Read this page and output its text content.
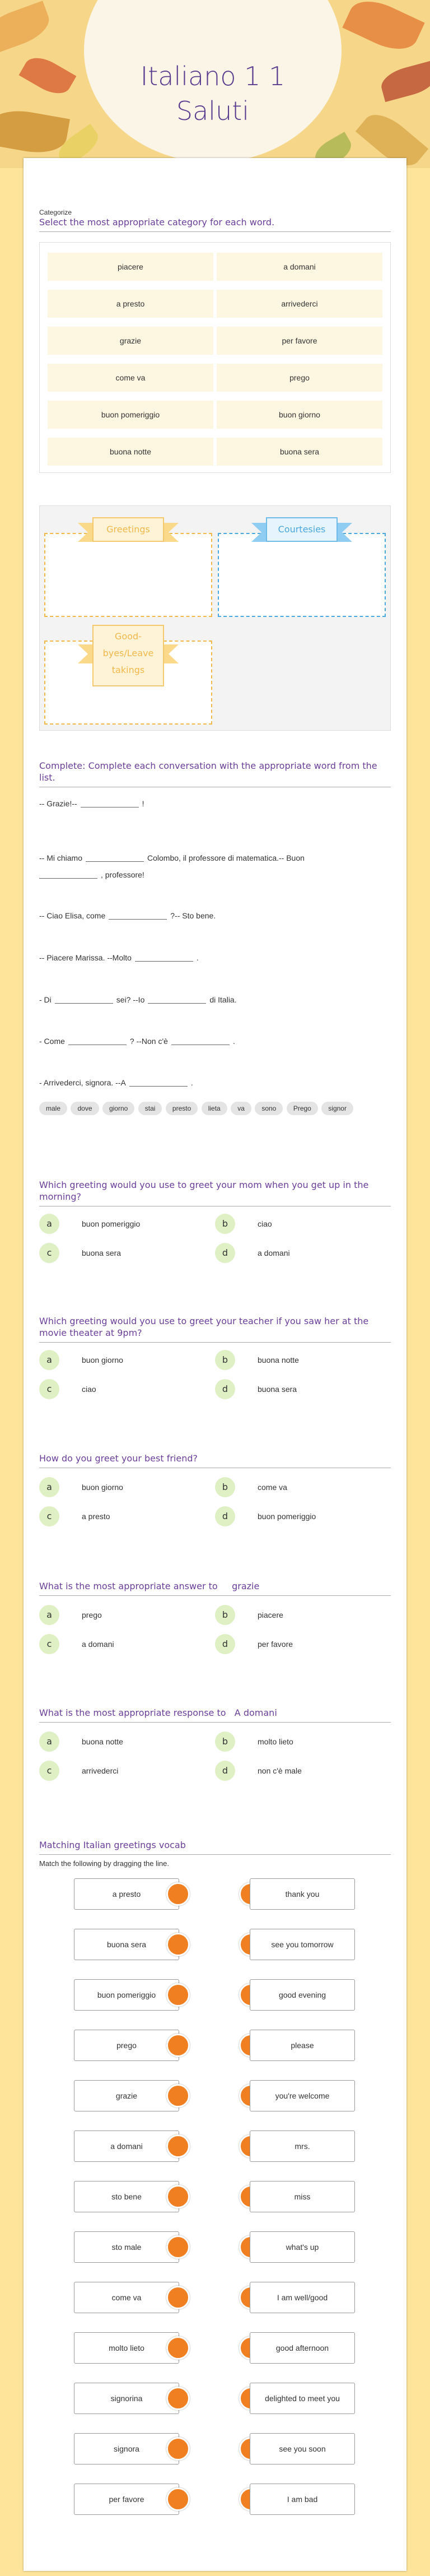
Italiano 1 1
Saluti
Categorize
Select the most appropriate category for each word.
piacere	a domani
a presto	arrivederci
grazie	per favore
come va	prego
buon pomeriggio	buon giorno
buona notte	buona sera
Greetings	Courtesies
Good-byes/Leave takings
Complete: Complete each conversation with the appropriate word from the list.
-- Grazie!--	!
-- Mi chiamo	Colombo, il professore di matematica.-- Buon
, professore!
-- Ciao Elisa, come	?-- Sto bene.
-- Piacere Marissa. --Molto	.
- Di	sei? --Io	di Italia.
- Come	? --Non c'è	.
- Arrivederci, signora. --A	.
male	dove	giorno	stai	presto	lieta	va	sono	Prego	signor
Which greeting would you use to greet your mom when you get up in the morning?
a	buon pomeriggio	b	ciao
c	buona sera	d	a domani
Which greeting would you use to greet your teacher if you saw her at the movie theater at 9pm?
a	buon giorno	b	buona notte
c	ciao	d	buona sera
How do you greet your best friend?
a	buon giorno	b	come va
c	a presto	d	buon pomeriggio
What is the most appropriate answer to     grazie
a	prego	b	piacere
c	a domani	d	per favore
What is the most appropriate response to   A domani
a	buona notte	b	molto lieto
c	arrivederci	d	non c'è male
Matching Italian greetings vocab
Match the following by dragging the line.
a presto	thank you
buona sera	see you tomorrow
buon pomeriggio	good evening
prego	please
grazie	you're welcome
a domani	mrs.
sto bene	miss
sto male	what's up
come va	I am well/good
molto lieto	good afternoon
signorina	delighted to meet you
signora	see you soon
per favore	I am bad
